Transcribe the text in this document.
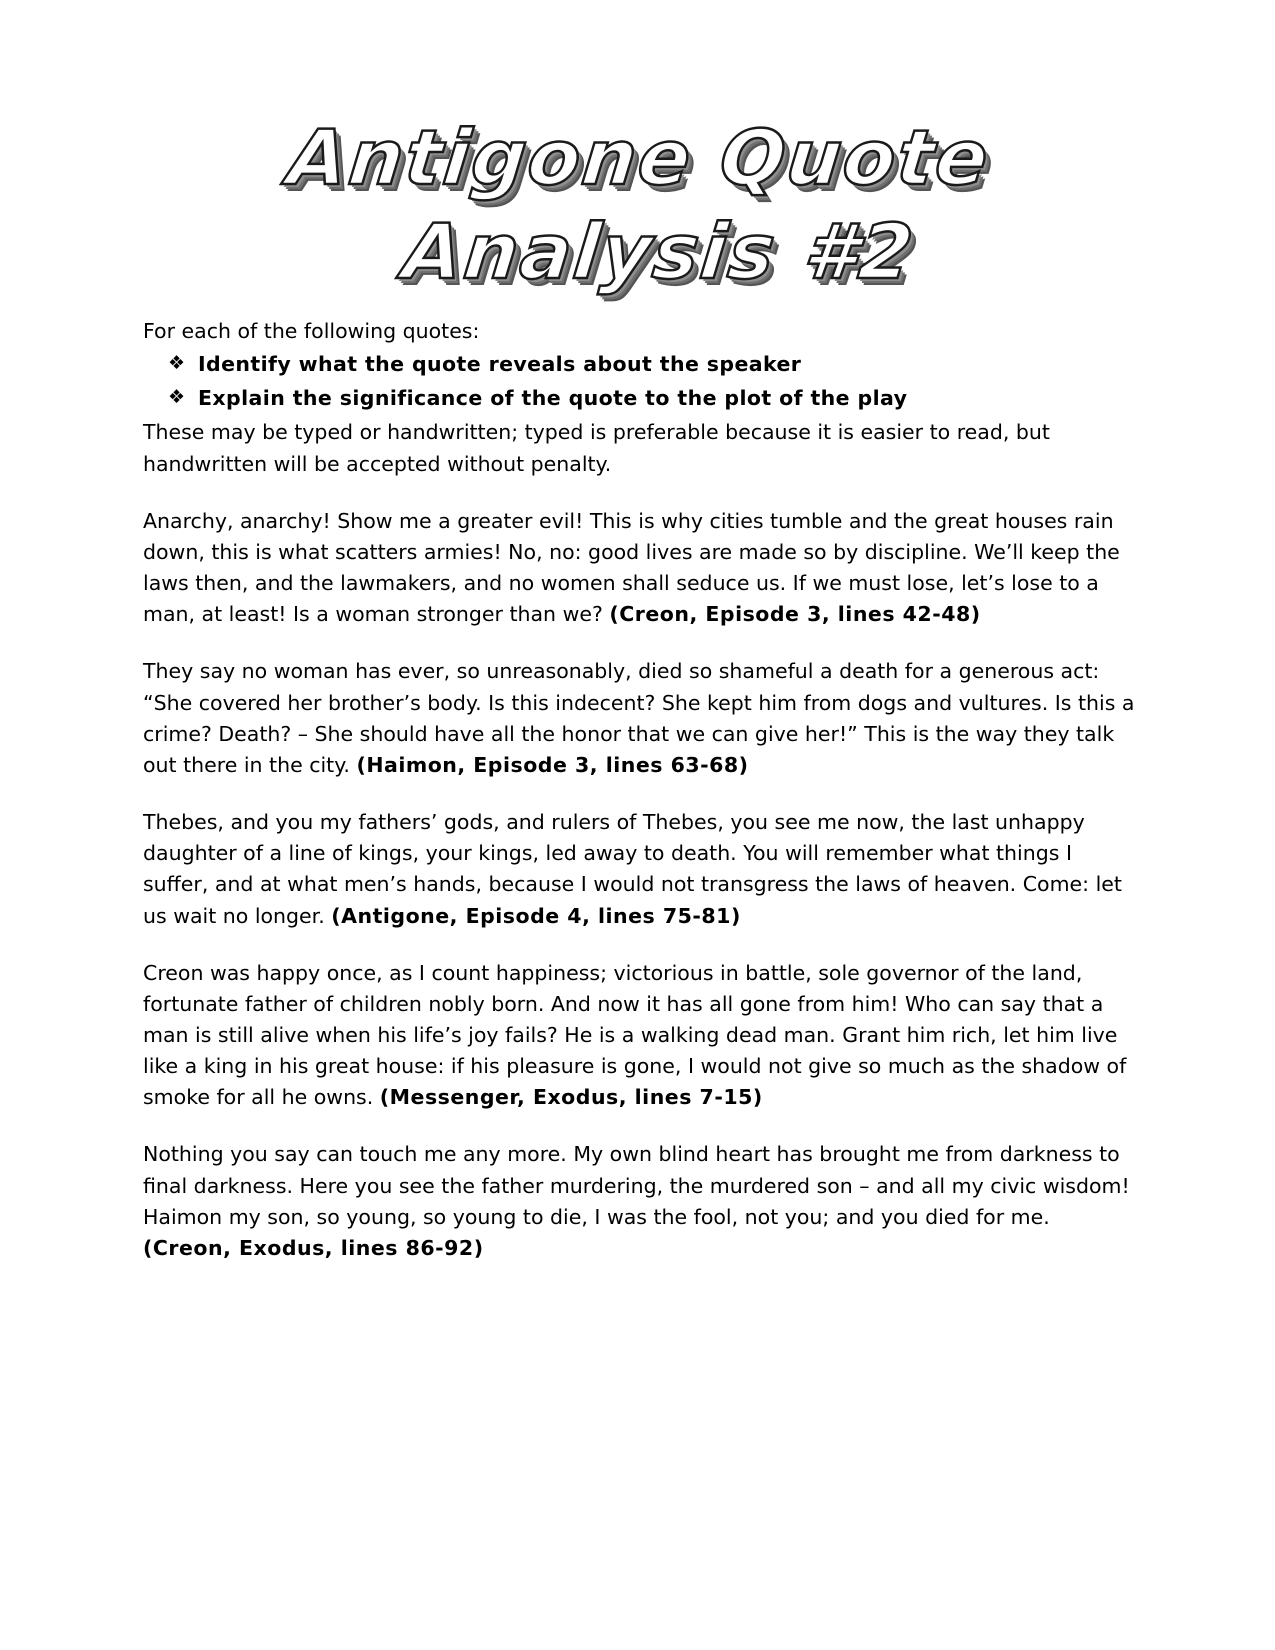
Antigone Quote
Analysis #2

For each of the following quotes:

❖ Identify what the quote reveals about the speaker
❖ Explain the significance of the quote to the plot of the play

These may be typed or handwritten; typed is preferable because it is easier to read, but handwritten will be accepted without penalty.

Anarchy, anarchy! Show me a greater evil! This is why cities tumble and the great houses rain down, this is what scatters armies! No, no: good lives are made so by discipline. We’ll keep the laws then, and the lawmakers, and no women shall seduce us. If we must lose, let’s lose to a man, at least! Is a woman stronger than we? (Creon, Episode 3, lines 42-48)

They say no woman has ever, so unreasonably, died so shameful a death for a generous act: “She covered her brother’s body. Is this indecent? She kept him from dogs and vultures. Is this a crime? Death? – She should have all the honor that we can give her!” This is the way they talk out there in the city. (Haimon, Episode 3, lines 63-68)

Thebes, and you my fathers’ gods, and rulers of Thebes, you see me now, the last unhappy daughter of a line of kings, your kings, led away to death. You will remember what things I suffer, and at what men’s hands, because I would not transgress the laws of heaven. Come: let us wait no longer. (Antigone, Episode 4, lines 75-81)

Creon was happy once, as I count happiness; victorious in battle, sole governor of the land, fortunate father of children nobly born. And now it has all gone from him! Who can say that a man is still alive when his life’s joy fails? He is a walking dead man. Grant him rich, let him live like a king in his great house: if his pleasure is gone, I would not give so much as the shadow of smoke for all he owns. (Messenger, Exodus, lines 7-15)

Nothing you say can touch me any more. My own blind heart has brought me from darkness to final darkness. Here you see the father murdering, the murdered son – and all my civic wisdom! Haimon my son, so young, so young to die, I was the fool, not you; and you died for me. (Creon, Exodus, lines 86-92)
